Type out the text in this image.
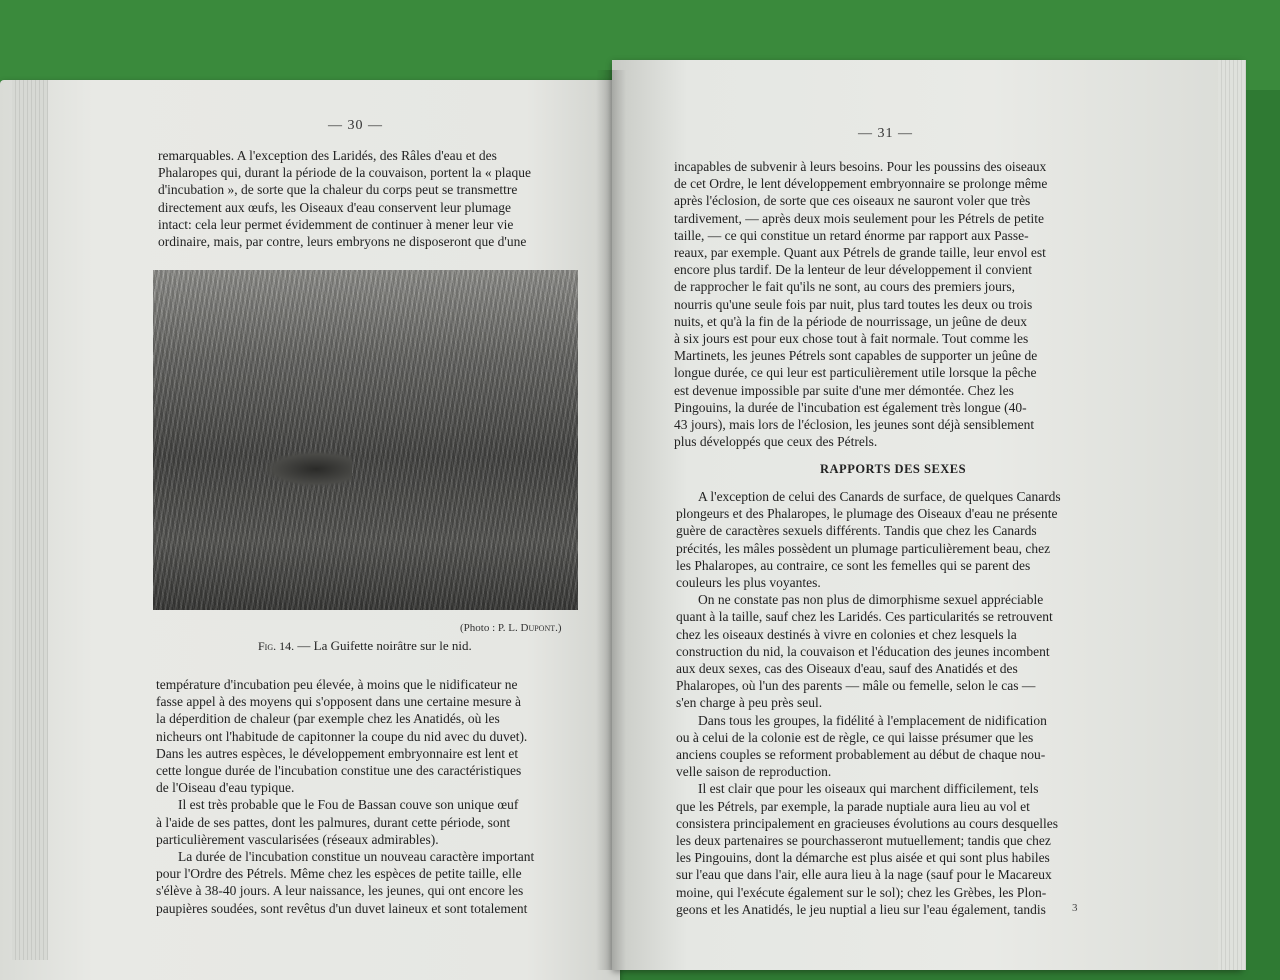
— 30 —

remarquables. A l'exception des Laridés, des Râles d'eau et des

Phalaropes qui, durant la période de la couvaison, portent la « plaque

d'incubation », de sorte que la chaleur du corps peut se transmettre

directement aux œufs, les Oiseaux d'eau conservent leur plumage

intact: cela leur permet évidemment de continuer à mener leur vie

ordinaire, mais, par contre, leurs embryons ne disposeront que d'une

(Photo : P. L. Dupont.)
Fig. 14. — La Guifette noirâtre sur le nid.

température d'incubation peu élevée, à moins que le nidificateur ne

fasse appel à des moyens qui s'opposent dans une certaine mesure à

la déperdition de chaleur (par exemple chez les Anatidés, où les

nicheurs ont l'habitude de capitonner la coupe du nid avec du duvet).

Dans les autres espèces, le développement embryonnaire est lent et

cette longue durée de l'incubation constitue une des caractéristiques

de l'Oiseau d'eau typique.

Il est très probable que le Fou de Bassan couve son unique œuf

à l'aide de ses pattes, dont les palmures, durant cette période, sont

particulièrement vascularisées (réseaux admirables).

La durée de l'incubation constitue un nouveau caractère important

pour l'Ordre des Pétrels. Même chez les espèces de petite taille, elle

s'élève à 38-40 jours. A leur naissance, les jeunes, qui ont encore les

paupières soudées, sont revêtus d'un duvet laineux et sont totalement

— 31 —

incapables de subvenir à leurs besoins. Pour les poussins des oiseaux

de cet Ordre, le lent développement embryonnaire se prolonge même

après l'éclosion, de sorte que ces oiseaux ne sauront voler que très

tardivement, — après deux mois seulement pour les Pétrels de petite

taille, — ce qui constitue un retard énorme par rapport aux Passe-

reaux, par exemple. Quant aux Pétrels de grande taille, leur envol est

encore plus tardif. De la lenteur de leur développement il convient

de rapprocher le fait qu'ils ne sont, au cours des premiers jours,

nourris qu'une seule fois par nuit, plus tard toutes les deux ou trois

nuits, et qu'à la fin de la période de nourrissage, un jeûne de deux

à six jours est pour eux chose tout à fait normale. Tout comme les

Martinets, les jeunes Pétrels sont capables de supporter un jeûne de

longue durée, ce qui leur est particulièrement utile lorsque la pêche

est devenue impossible par suite d'une mer démontée. Chez les

Pingouins, la durée de l'incubation est également très longue (40-

43 jours), mais lors de l'éclosion, les jeunes sont déjà sensiblement

plus développés que ceux des Pétrels.

RAPPORTS DES SEXES

A l'exception de celui des Canards de surface, de quelques Canards

plongeurs et des Phalaropes, le plumage des Oiseaux d'eau ne présente

guère de caractères sexuels différents. Tandis que chez les Canards

précités, les mâles possèdent un plumage particulièrement beau, chez

les Phalaropes, au contraire, ce sont les femelles qui se parent des

couleurs les plus voyantes.

On ne constate pas non plus de dimorphisme sexuel appréciable

quant à la taille, sauf chez les Laridés. Ces particularités se retrouvent

chez les oiseaux destinés à vivre en colonies et chez lesquels la

construction du nid, la couvaison et l'éducation des jeunes incombent

aux deux sexes, cas des Oiseaux d'eau, sauf des Anatidés et des

Phalaropes, où l'un des parents — mâle ou femelle, selon le cas —

s'en charge à peu près seul.

Dans tous les groupes, la fidélité à l'emplacement de nidification

ou à celui de la colonie est de règle, ce qui laisse présumer que les

anciens couples se reforment probablement au début de chaque nou-

velle saison de reproduction.

Il est clair que pour les oiseaux qui marchent difficilement, tels

que les Pétrels, par exemple, la parade nuptiale aura lieu au vol et

consistera principalement en gracieuses évolutions au cours desquelles

les deux partenaires se pourchasseront mutuellement; tandis que chez

les Pingouins, dont la démarche est plus aisée et qui sont plus habiles

sur l'eau que dans l'air, elle aura lieu à la nage (sauf pour le Macareux

moine, qui l'exécute également sur le sol); chez les Grèbes, les Plon-

geons et les Anatidés, le jeu nuptial a lieu sur l'eau également, tandis	3
